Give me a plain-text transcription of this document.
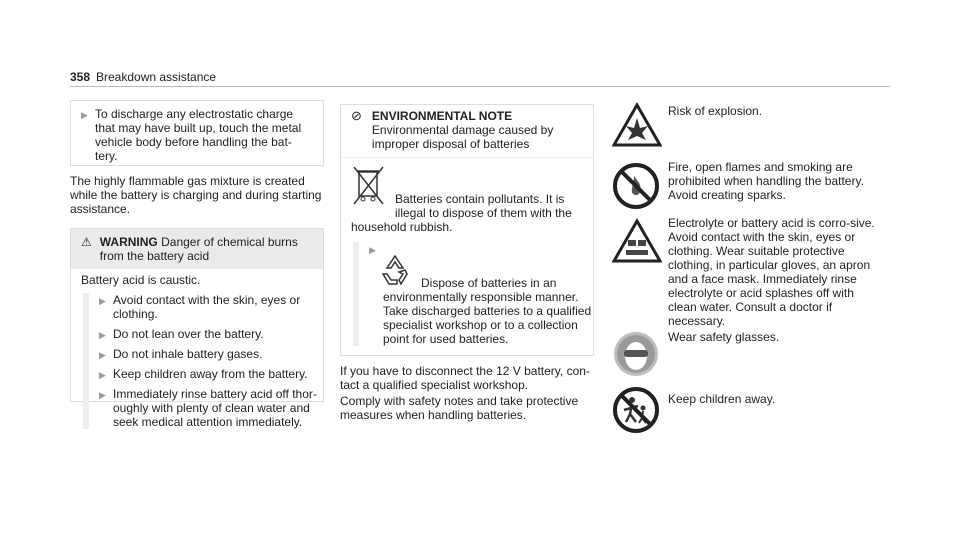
358 Breakdown assistance
▶ To discharge any electrostatic charge that may have built up, touch the metal vehicle body before handling the bat-tery.

The highly flammable gas mixture is created while the battery is charging and during starting assistance.

⚠ WARNING Danger of chemical burns from the battery acid

Battery acid is caustic.

▶ Avoid contact with the skin, eyes or clothing.

▶ Do not lean over the battery.

▶ Do not inhale battery gases.

▶ Keep children away from the battery.

▶ Immediately rinse battery acid off thor-oughly with plenty of clean water and seek medical attention immediately.

⊘ ENVIRONMENTAL NOTE Environmental damage caused by improper disposal of batteries

Batteries contain pollutants. It is illegal to dispose of them with the household rubbish.

▶

Dispose of batteries in an environmentally responsible manner. Take discharged batteries to a qualified specialist workshop or to a collection point for used batteries.

If you have to disconnect the 12 V battery, con-tact a qualified specialist workshop.

Comply with safety notes and take protective measures when handling batteries.

Risk of explosion.
Fire, open flames and smoking are prohibited when handling the battery. Avoid creating sparks.
Electrolyte or battery acid is corro-sive. Avoid contact with the skin, eyes or clothing. Wear suitable protective clothing, in particular gloves, an apron and a face mask. Immediately rinse electrolyte or acid splashes off with clean water. Consult a doctor if necessary.
Wear safety glasses.
Keep children away.
